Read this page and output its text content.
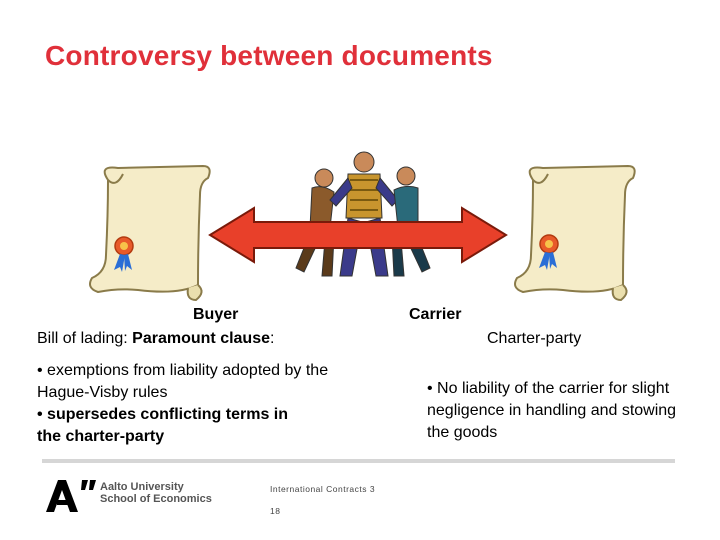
Controversy between documents
Buyer	Carrier
Bill of lading: Paramount clause:	Charter-party
• exemptions from liability adopted by the Hague-Visby rules
• supersedes conflicting terms in the charter-party
• No liability of the carrier for slight negligence in handling and stowing the goods
Aalto University
School of Economics
International Contracts 3
18
